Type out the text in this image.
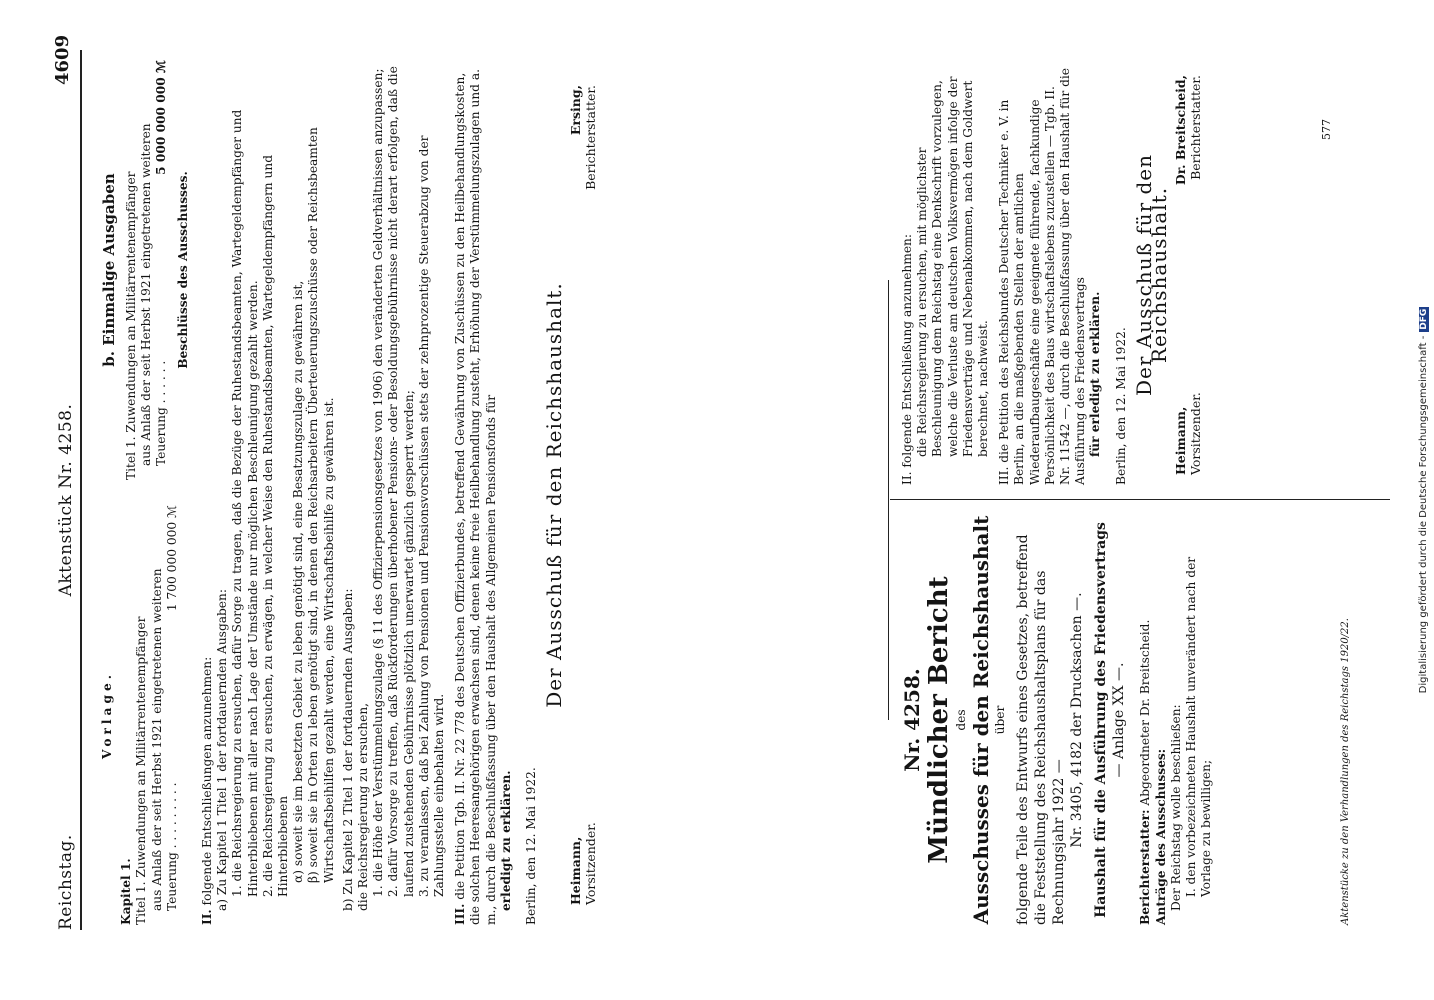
Reichstag.
Aktenstück Nr. 4258.
4609

Vorlage.

Kapitel 1. Titel 1. Zuwendungen an Militärrentenempfänger aus Anlaß der seit Herbst 1921 eingetretenen weiteren Teuerung . . . . . . . . .
1 700 000 000 ℳ

b. Einmalige Ausgaben Titel 1. Zuwendungen an Militärrentenempfänger aus Anlaß der seit Herbst 1921 eingetretenen weiteren Teuerung . . . . . .
5 000 000 000 ℳ

Beschlüsse des Ausschusses.

II. folgende Entschließungen anzunehmen: a) Zu Kapitel 1 Titel 1 der fortdauernden Ausgaben: 1. die Reichsregierung zu ersuchen, dafür Sorge zu tragen, daß die Bezüge der Ruhestandsbeamten, Wartegeldempfänger und Hinterbliebenen mit aller nach Lage der Umstände nur möglichen Beschleunigung gezahlt werden. 2. die Reichsregierung zu ersuchen, zu erwägen, in welcher Weise den Ruhestandsbeamten, Wartegeldempfängern und Hinterbliebenen α) soweit sie im besetzten Gebiet zu leben genötigt sind, eine Besatzungszulage zu gewähren ist, β) soweit sie in Orten zu leben genötigt sind, in denen den Reichsarbeitern Überteuerungszuschüsse oder Reichsbeamten Wirtschaftsbeihilfen gezahlt werden, eine Wirtschaftsbeihilfe zu gewähren ist. b) Zu Kapitel 2 Titel 1 der fortdauernden Ausgaben: die Reichsregierung zu ersuchen, 1. die Höhe der Verstümmelungszulage (§ 11 des Offizierpensionsgesetzes von 1906) den veränderten Geldverhältnissen anzupassen; 2. dafür Vorsorge zu treffen, daß Rückforderungen überhobener Pensions- oder Besoldungsgebührnisse nicht derart erfolgen, daß die laufend zustehenden Gebührnisse plötzlich unerwartet gänzlich gesperrt werden; 3. zu veranlassen, daß bei Zahlung von Pensionen und Pensionsvorschüssen stets der zehnprozentige Steuerabzug von der Zahlungsstelle einbehalten wird.

III. die Petition Tgb. II. Nr. 22 778 des Deutschen Offizierbundes, betreffend Gewährung von Zuschüssen zu den Heilbehandlungskosten, die solchen Heeresangehörigen erwachsen sind, denen keine freie Heilbehandlung zusteht, Erhöhung der Verstümmelungszulagen und a. m., durch die Beschlußfassung über den Haushalt des Allgemeinen Pensionsfonds für erledigt zu erklären. Berlin, den 12. Mai 1922.

Der Ausschuß für den Reichshaushalt.

Heimann, Vorsitzender.

Ersing, Berichterstatter.

Nr. 4258. Mündlicher Bericht des Ausschusses für den Reichshaushalt über folgende Teile des Entwurfs eines Gesetzes, betreffend die Feststellung des Reichshaushaltsplans für das Rechnungsjahr 1922 — Nr. 3405, 4182 der Drucksachen —. Haushalt für die Ausführung des Friedensvertrags — Anlage XX —.

Berichterstatter: Abgeordneter Dr. Breitscheid.

Anträge des Ausschusses: Der Reichstag wolle beschließen: I. den vorbezeichneten Haushalt unverändert nach der Vorlage zu bewilligen;	Aktenstücke zu den Verhandlungen des Reichstags 1920/22.

II. folgende Entschließung anzunehmen: die Reichsregierung zu ersuchen, mit möglichster Beschleunigung dem Reichstag eine Denkschrift vorzulegen, welche die Verluste am deutschen Volksvermögen infolge der Friedensverträge und Nebenabkommen, nach dem Goldwert berechnet, nachweist.

III. die Petition des Reichsbundes Deutscher Techniker e. V. in Berlin, an die maßgebenden Stellen der amtlichen Wiederaufbaugeschäfte eine geeignete führende, fachkundige Persönlichkeit des Baus wirtschaftslebens zuzustellen — Tgb. II. Nr. 11542 —, durch die Beschlußfassung über den Haushalt für die Ausführung des Friedensvertrags für erledigt zu erklären. Berlin, den 12. Mai 1922.

Der Ausschuß für den Reichshaushalt.

Heimann, Vorsitzender.

Dr. Breitscheid, Berichterstatter.	577
Digitalisierung gefördert durch die Deutsche Forschungsgemeinschaft -DFG
